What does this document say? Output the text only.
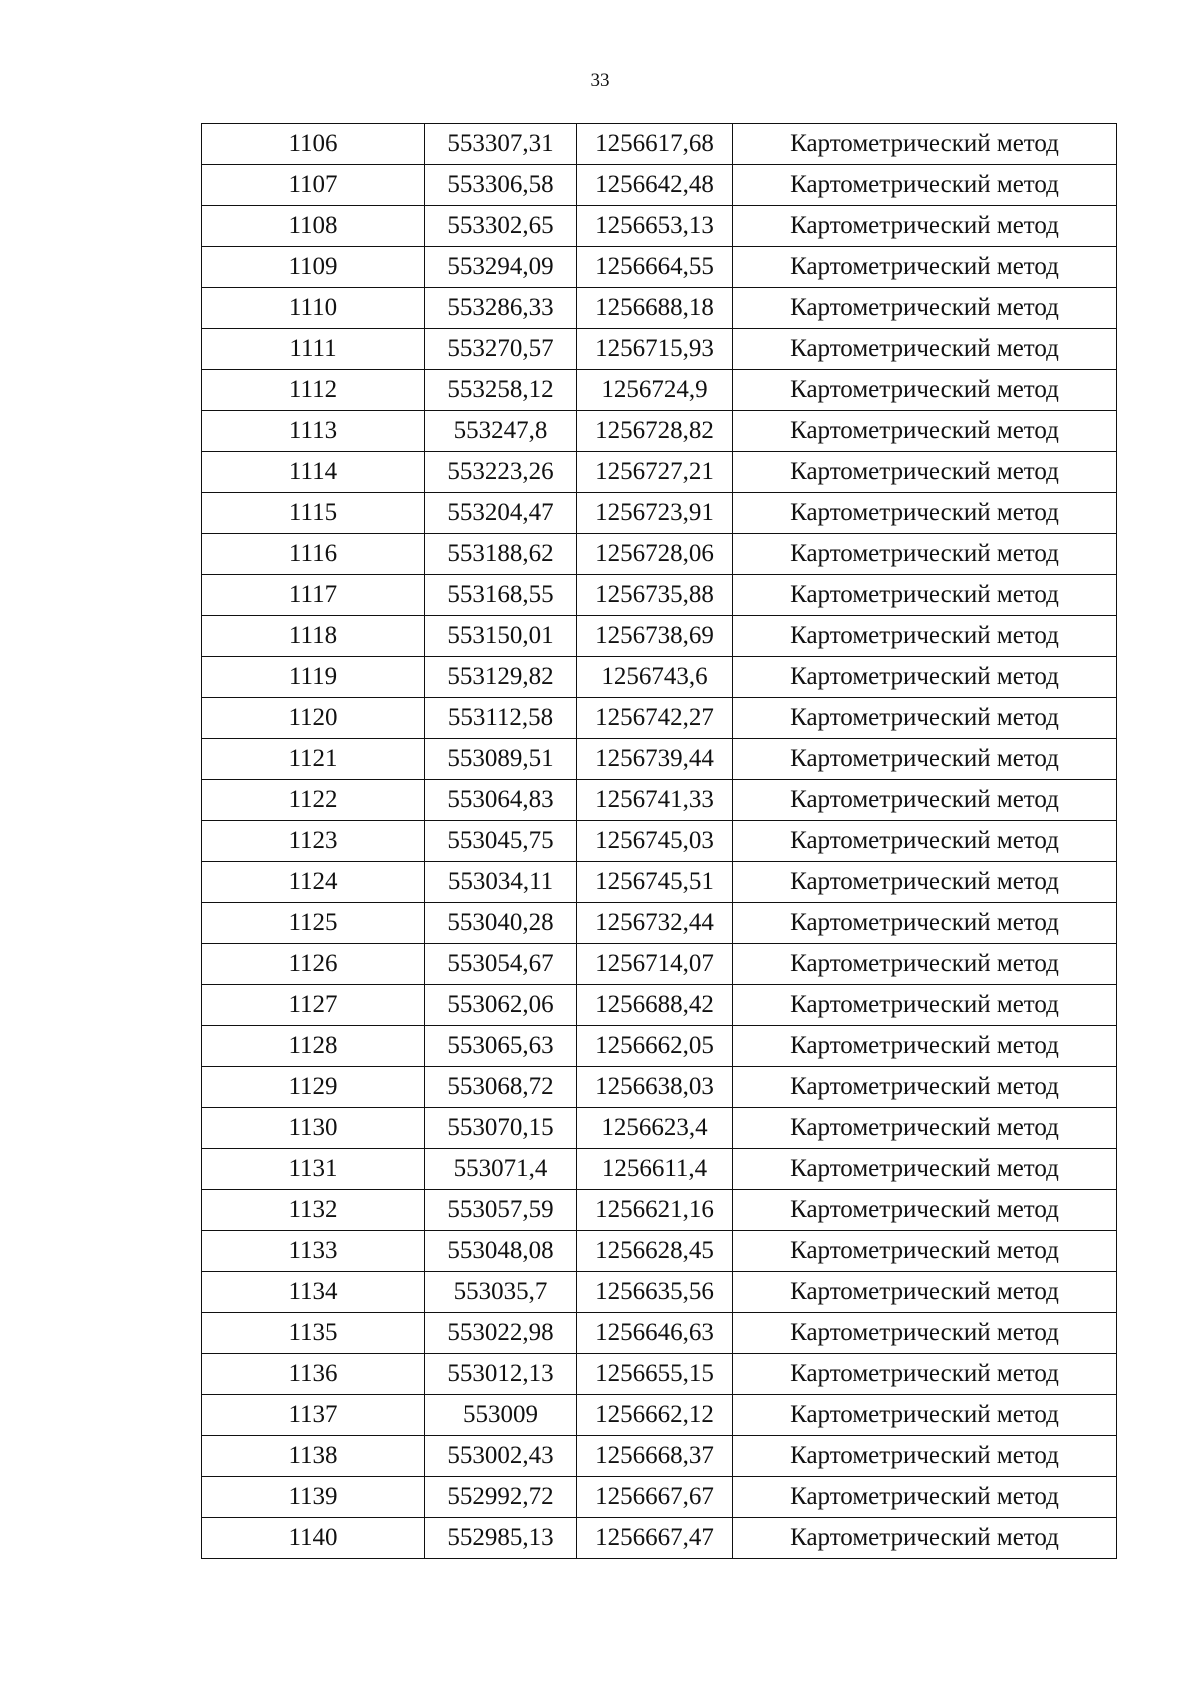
33
1106	553307,31	1256617,68	Картометрический метод
1107	553306,58	1256642,48	Картометрический метод
1108	553302,65	1256653,13	Картометрический метод
1109	553294,09	1256664,55	Картометрический метод
1110	553286,33	1256688,18	Картометрический метод
1111	553270,57	1256715,93	Картометрический метод
1112	553258,12	1256724,9	Картометрический метод
1113	553247,8	1256728,82	Картометрический метод
1114	553223,26	1256727,21	Картометрический метод
1115	553204,47	1256723,91	Картометрический метод
1116	553188,62	1256728,06	Картометрический метод
1117	553168,55	1256735,88	Картометрический метод
1118	553150,01	1256738,69	Картометрический метод
1119	553129,82	1256743,6	Картометрический метод
1120	553112,58	1256742,27	Картометрический метод
1121	553089,51	1256739,44	Картометрический метод
1122	553064,83	1256741,33	Картометрический метод
1123	553045,75	1256745,03	Картометрический метод
1124	553034,11	1256745,51	Картометрический метод
1125	553040,28	1256732,44	Картометрический метод
1126	553054,67	1256714,07	Картометрический метод
1127	553062,06	1256688,42	Картометрический метод
1128	553065,63	1256662,05	Картометрический метод
1129	553068,72	1256638,03	Картометрический метод
1130	553070,15	1256623,4	Картометрический метод
1131	553071,4	1256611,4	Картометрический метод
1132	553057,59	1256621,16	Картометрический метод
1133	553048,08	1256628,45	Картометрический метод
1134	553035,7	1256635,56	Картометрический метод
1135	553022,98	1256646,63	Картометрический метод
1136	553012,13	1256655,15	Картометрический метод
1137	553009	1256662,12	Картометрический метод
1138	553002,43	1256668,37	Картометрический метод
1139	552992,72	1256667,67	Картометрический метод
1140	552985,13	1256667,47	Картометрический метод
